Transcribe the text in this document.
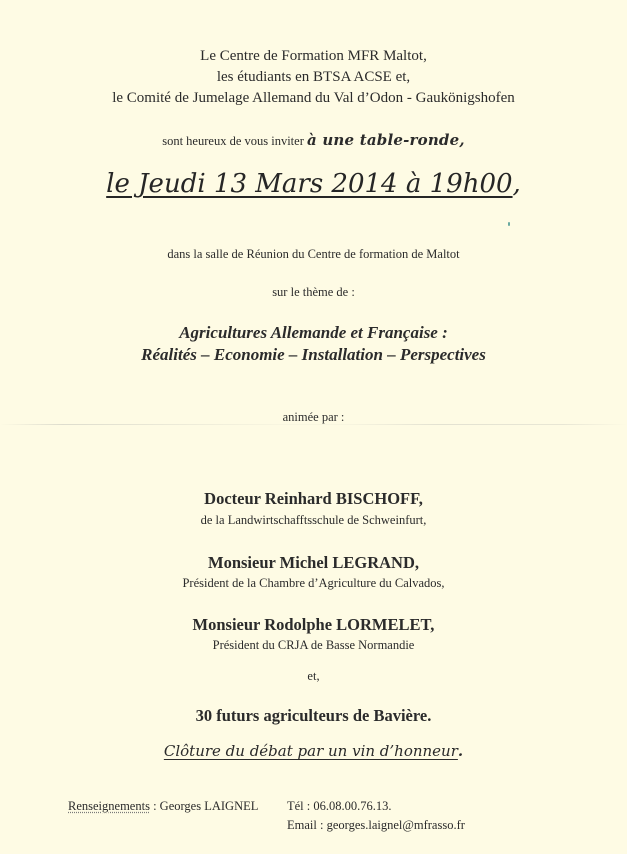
Le Centre de Formation MFR Maltot,
les étudiants en BTSA ACSE et,
le Comité de Jumelage Allemand du Val d’Odon - Gaukönigshofen
sont heureux de vous inviter à une table-ronde,
le Jeudi 13 Mars 2014 à 19h00,
dans la salle de Réunion du Centre de formation de Maltot
sur le thème de :
Agricultures Allemande et Française :
Réalités – Economie – Installation – Perspectives
animée par :
Docteur Reinhard BISCHOFF,
de la Landwirtschafftsschule de Schweinfurt,
Monsieur Michel LEGRAND,
Président de la Chambre d’Agriculture du Calvados,
Monsieur Rodolphe LORMELET,
Président du CRJA de Basse Normandie
et,
30 futurs agriculteurs de Bavière.
Clôture du débat par un vin d’honneur.
Renseignements : Georges LAIGNEL Tél : 06.08.00.76.13.
Email : georges.laignel@mfrasso.fr
